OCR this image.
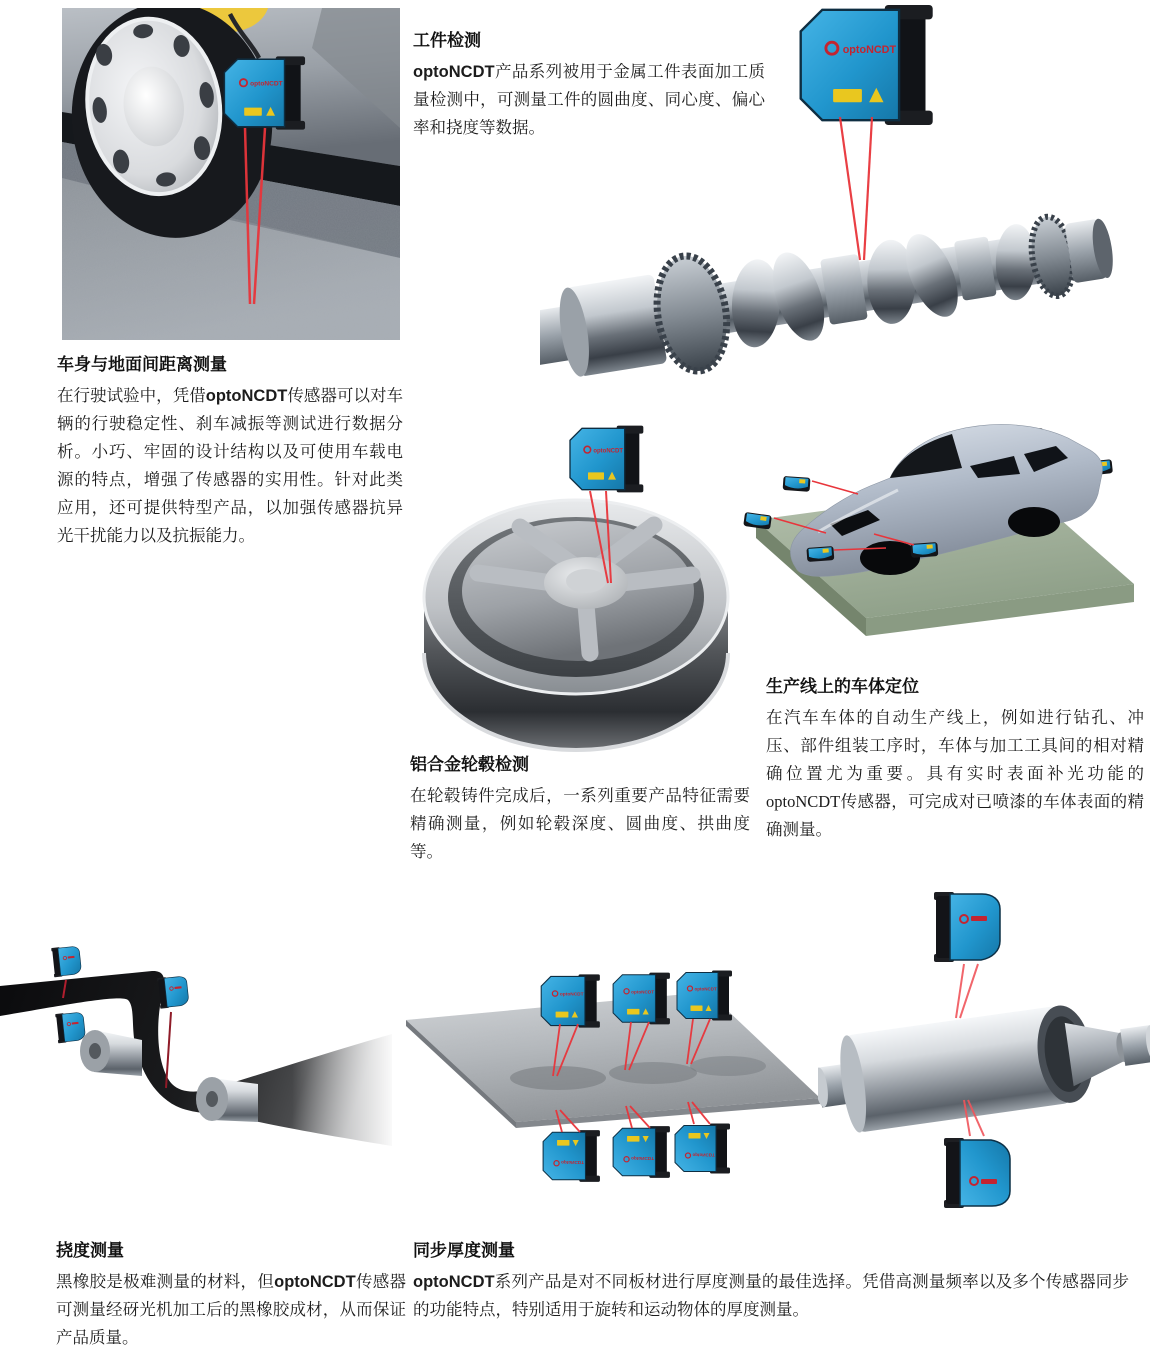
工件检测

optoNCDT产品系列被用于金属工件表面加工质量检测中，可测量工件的圆曲度、同心度、偏心率和挠度等数据。

车身与地面间距离测量

在行驶试验中，凭借optoNCDT传感器可以对车辆的行驶稳定性、刹车减振等测试进行数据分析。小巧、牢固的设计结构以及可使用车载电源的特点，增强了传感器的实用性。针对此类应用，还可提供特型产品，以加强传感器抗异光干扰能力以及抗振能力。

铝合金轮毂检测

在轮毂铸件完成后，一系列重要产品特征需要精确测量，例如轮毂深度、圆曲度、拱曲度等。

生产线上的车体定位

在汽车车体的自动生产线上，例如进行钻孔、冲压、部件组装工序时，车体与加工工具间的相对精确位置尤为重要。具有实时表面补光功能的optoNCDT传感器，可完成对已喷漆的车体表面的精确测量。

挠度测量

黑橡胶是极难测量的材料，但optoNCDT传感器可测量经砑光机加工后的黑橡胶成材，从而保证产品质量。

同步厚度测量

optoNCDT系列产品是对不同板材进行厚度测量的最佳选择。凭借高测量频率以及多个传感器同步的功能特点，特别适用于旋转和运动物体的厚度测量。
